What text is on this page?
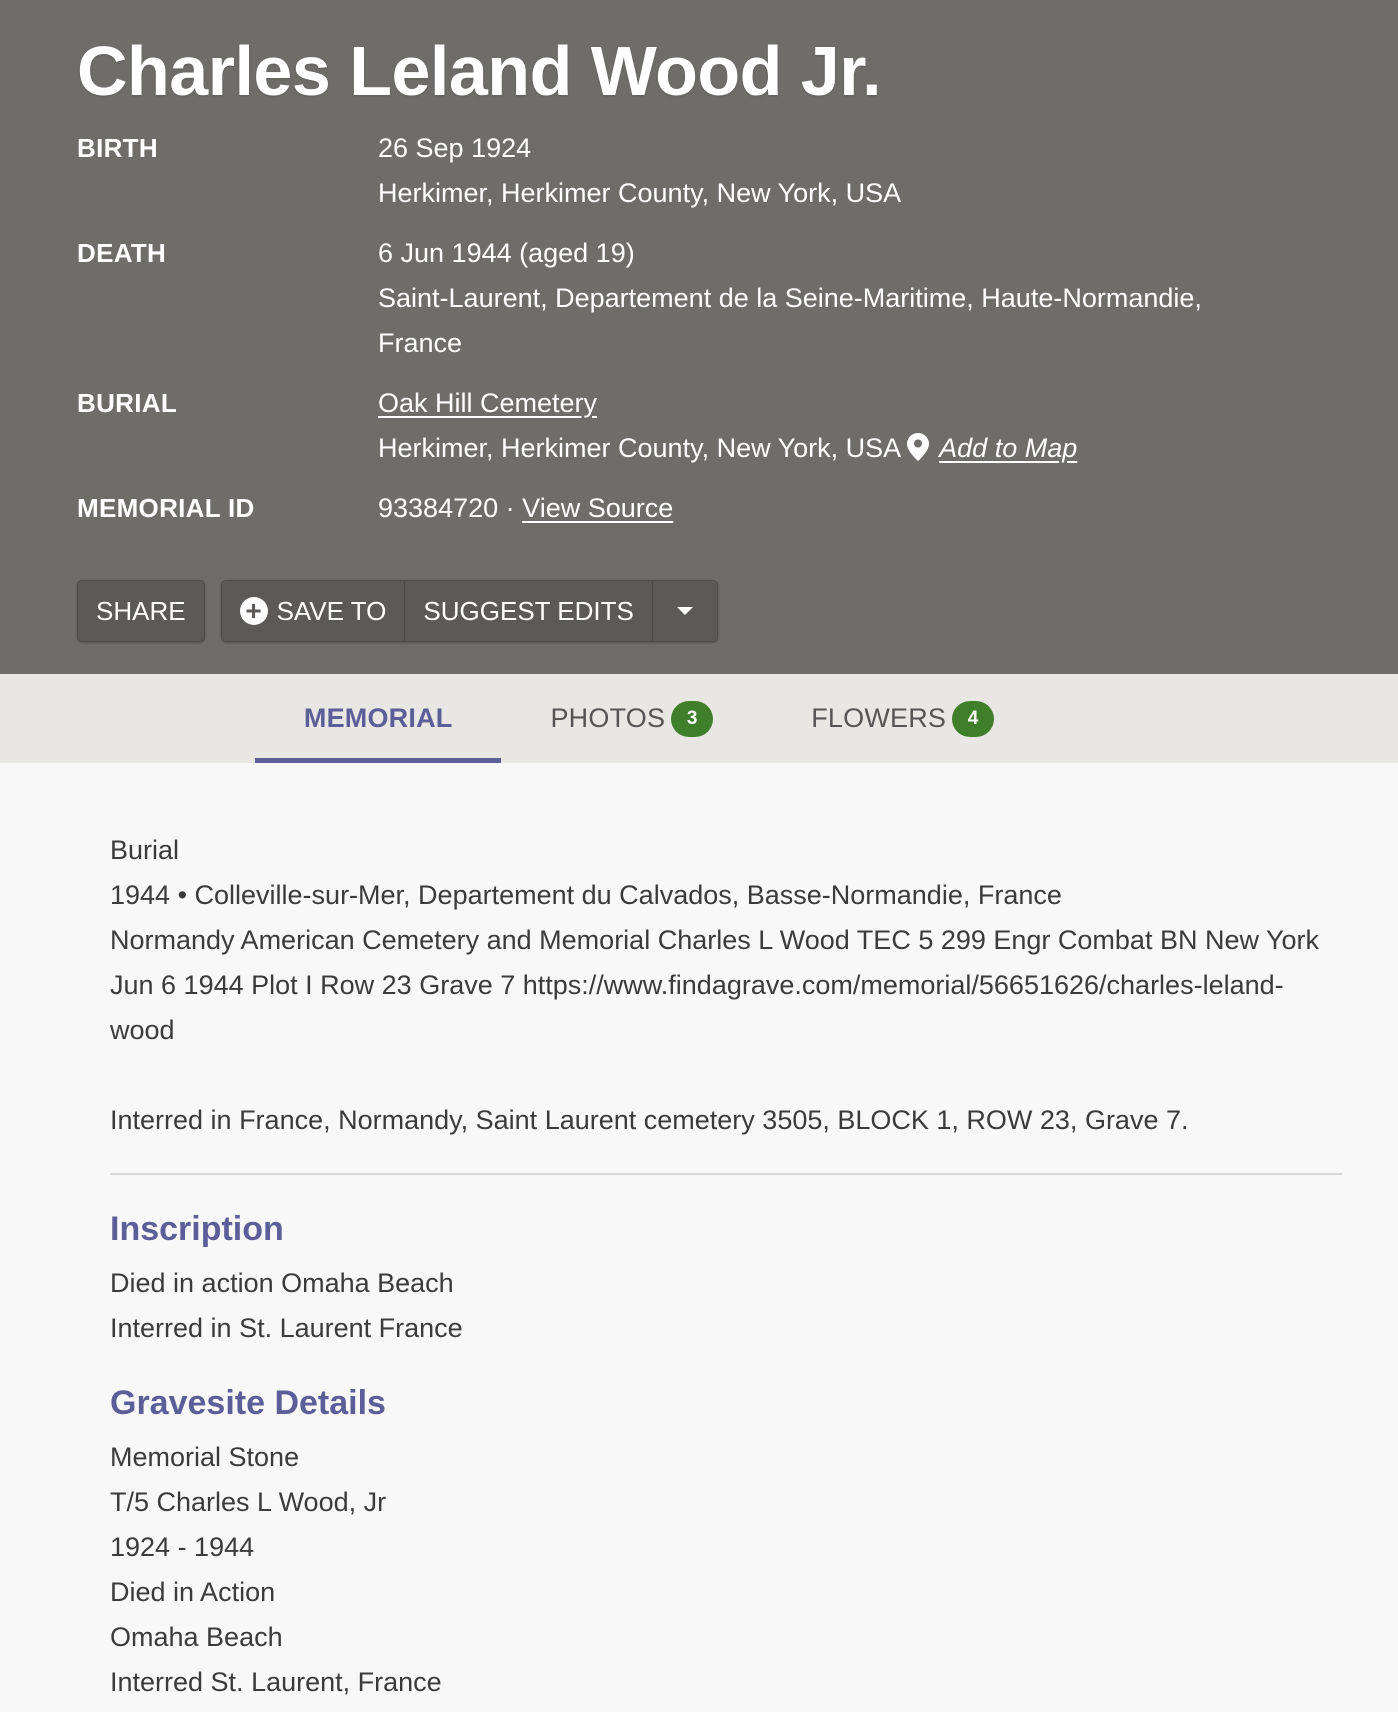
Charles Leland Wood Jr.
BIRTH	26 Sep 1924
Herkimer, Herkimer County, New York, USA
DEATH	6 Jun 1944 (aged 19)
Saint-Laurent, Departement de la Seine-Maritime, Haute-Normandie,
France
BURIAL	Oak Hill Cemetery
Herkimer, Herkimer County, New York, USA Add to Map
MEMORIAL ID	93384720 · View Source
SHARE	+ SAVE TO	SUGGEST EDITS
MEMORIAL	PHOTOS	3	FLOWERS	4

Burial
1944 • Colleville-sur-Mer, Departement du Calvados, Basse-Normandie, France
Normandy American Cemetery and Memorial Charles L Wood TEC 5 299 Engr Combat BN New York
Jun 6 1944 Plot I Row 23 Grave 7 https://www.findagrave.com/memorial/56651626/charles-leland-
wood

Interred in France, Normandy, Saint Laurent cemetery 3505, BLOCK 1, ROW 23, Grave 7.

Inscription
Died in action Omaha Beach
Interred in St. Laurent France
Gravesite Details
Memorial Stone
T/5 Charles L Wood, Jr
1924 - 1944
Died in Action
Omaha Beach
Interred St. Laurent, France
